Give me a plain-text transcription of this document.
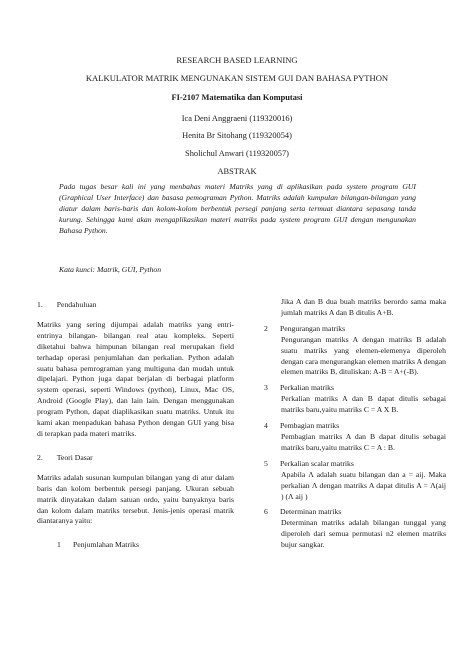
RESEARCH BASED LEARNING
KALKULATOR MATRIK MENGUNAKAN SISTEM GUI DAN BAHASA PYTHON
FI-2107 Matematika dan Komputasi
Ica Deni Anggraeni (119320016)
Henita Br Sitohang (119320054)
Sholichul Anwari (119320057)
ABSTRAK

Pada tugas besar kali ini yang menbahas materi Matriks yang di aplikasikan pada system program GUI (Graphical User Interface) dan basasa pemograman Python. Matriks adalah kumpulan bilangan-bilangan yang diatur dalam baris-baris dan kolom-kolom berbentuk persegi panjang serta termuat diantara sepasang tanda kurung. Sehingga kami akan mengaplikasikan materi matriks pada system program GUI dengan mengunakan Bahasa Python.

Kata kunci: Matrik, GUI, Python
1. Pendahuluan

Matriks yang sering dijumpai adalah matriks yang entri-entrinya bilangan- bilangan real atau kompleks. Seperti diketahui bahwa himpunan bilangan real merupakan field terhadap operasi penjumlahan dan perkalian. Python adalah suatu bahasa pemrograman yang multiguna dan mudah untuk dipelajari. Python juga dapat berjalan di berbagai platform system operasi, seperti Windows (python), Linux, Mac OS, Android (Google Play), dan lain lain. Dengan menggunakan program Python, dapat diaplikasikan suatu matriks. Untuk itu kami akan menpadukan bahasa Python dengan GUI yang bisa di terapkan pada materi matriks.

2. Teori Dasar

Matriks adalah susunan kumpulan bilangan yang di atur dalam baris dan kolom berbentuk persegi panjang. Ukuran sebuah matrik dinyatakan dalam satuan ordo, yaitu banyaknya baris dan kolom dalam matriks tersebut. Jenis-jenis operasi matrik diantaranya yaitu:

1	Penjumlahan Matriks

Jika A dan B dua buah matriks berordo sama maka jumlah matriks A dan B ditulis A+B.

2	Pengurangan matriks

Pengurangan matriks A dengan matriks B adalah suatu matriks yang elemen-elemenya diperoleh dengan cara mengurangkan elemen matriks A dengan elemen matriks B, dituliskan: A-B = A+(-B).

3	Perkalian matriks

Perkalian matriks A dan B dapat ditulis sebagai matriks baru,yaitu matriks C = A X B.

4	Pembagian matriks

Pembagian matriks A dan B dapat ditulis sebagai matriks baru,yaitu matriks C = A : B.

5	Perkalian scalar matriks

Apabila Λ adalah suatu bilangan dan a = aij. Maka perkalian Λ dengan matriks A dapat ditulis A = Λ(aij ) (Λ aij )

6	Determinan matriks

Determinan matriks adalah bilangan tunggal yang diperoleh dari semua permutasi n2 elemen matriks bujur sangkar.
